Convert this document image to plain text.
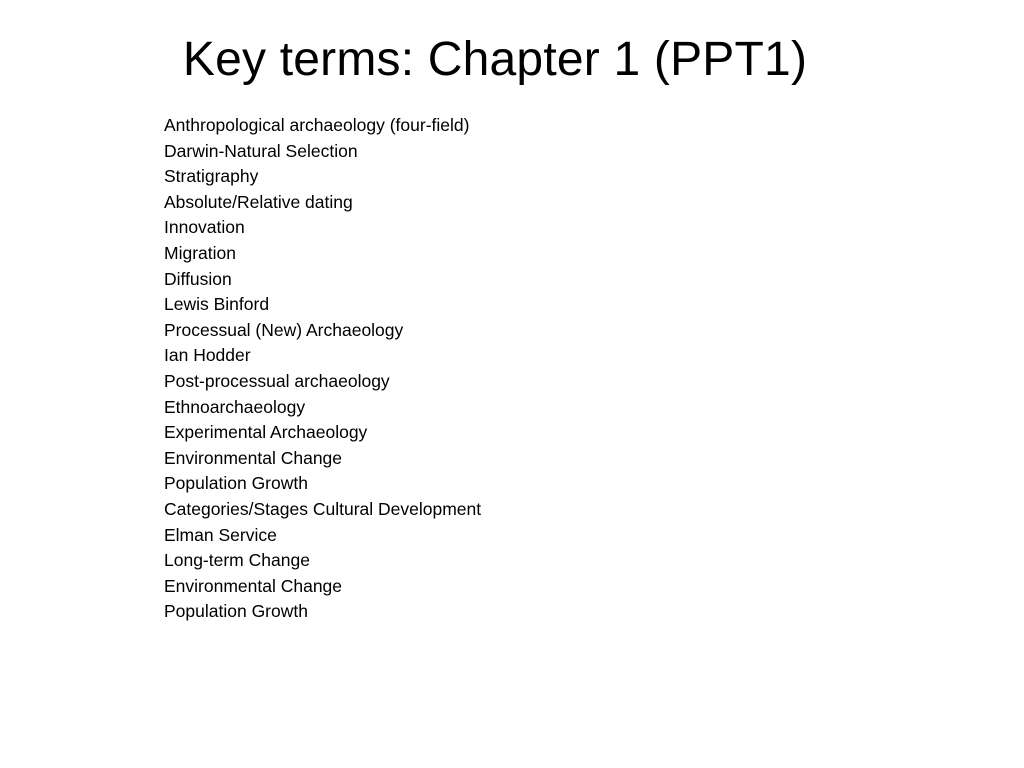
Key terms: Chapter 1 (PPT1)
Anthropological archaeology (four-field)
Darwin-Natural Selection
Stratigraphy
Absolute/Relative dating
Innovation
Migration
Diffusion
Lewis Binford
Processual (New) Archaeology
Ian Hodder
Post-processual archaeology
Ethnoarchaeology
Experimental Archaeology
Environmental Change
Population Growth
Categories/Stages Cultural Development
Elman Service
Long-term Change
Environmental Change
Population Growth
